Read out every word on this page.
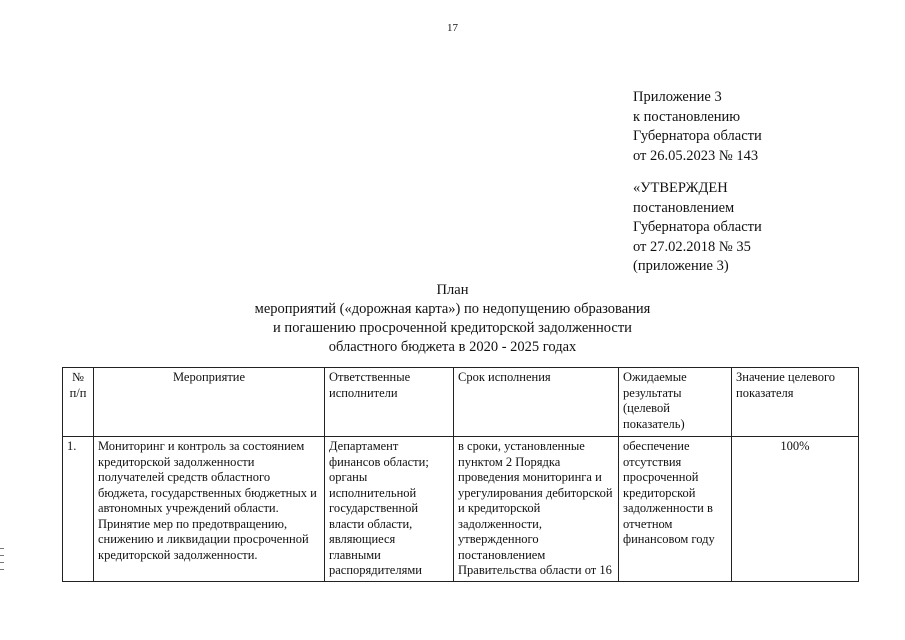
17
Приложение 3
к постановлению
Губернатора области
от 26.05.2023 № 143
«УТВЕРЖДЕН
постановлением
Губернатора области
от 27.02.2018 № 35
(приложение 3)
План
мероприятий («дорожная карта») по недопущению образования
и погашению просроченной кредиторской задолженности
областного бюджета в 2020 - 2025 годах
№ п/п	Мероприятие	Ответственные исполнители	Срок исполнения	Ожидаемые результаты (целевой показатель)	Значение целевого показателя
1.	Мониторинг и контроль за состоянием кредиторской задолженности получателей средств областного бюджета, государственных бюджетных и автономных учреждений области. Принятие мер по предотвращению, снижению и ликвидации просроченной кредиторской задолженности.	Департамент финансов области; органы исполнительной государственной власти области, являющиеся главными распорядителями	в сроки, установленные пунктом 2 Порядка проведения мониторинга и урегулирования дебиторской и кредиторской задолженности, утвержденного постановлением Правительства области от 16	обеспечение отсутствия просроченной кредиторской задолженности в отчетном финансовом году	100%
